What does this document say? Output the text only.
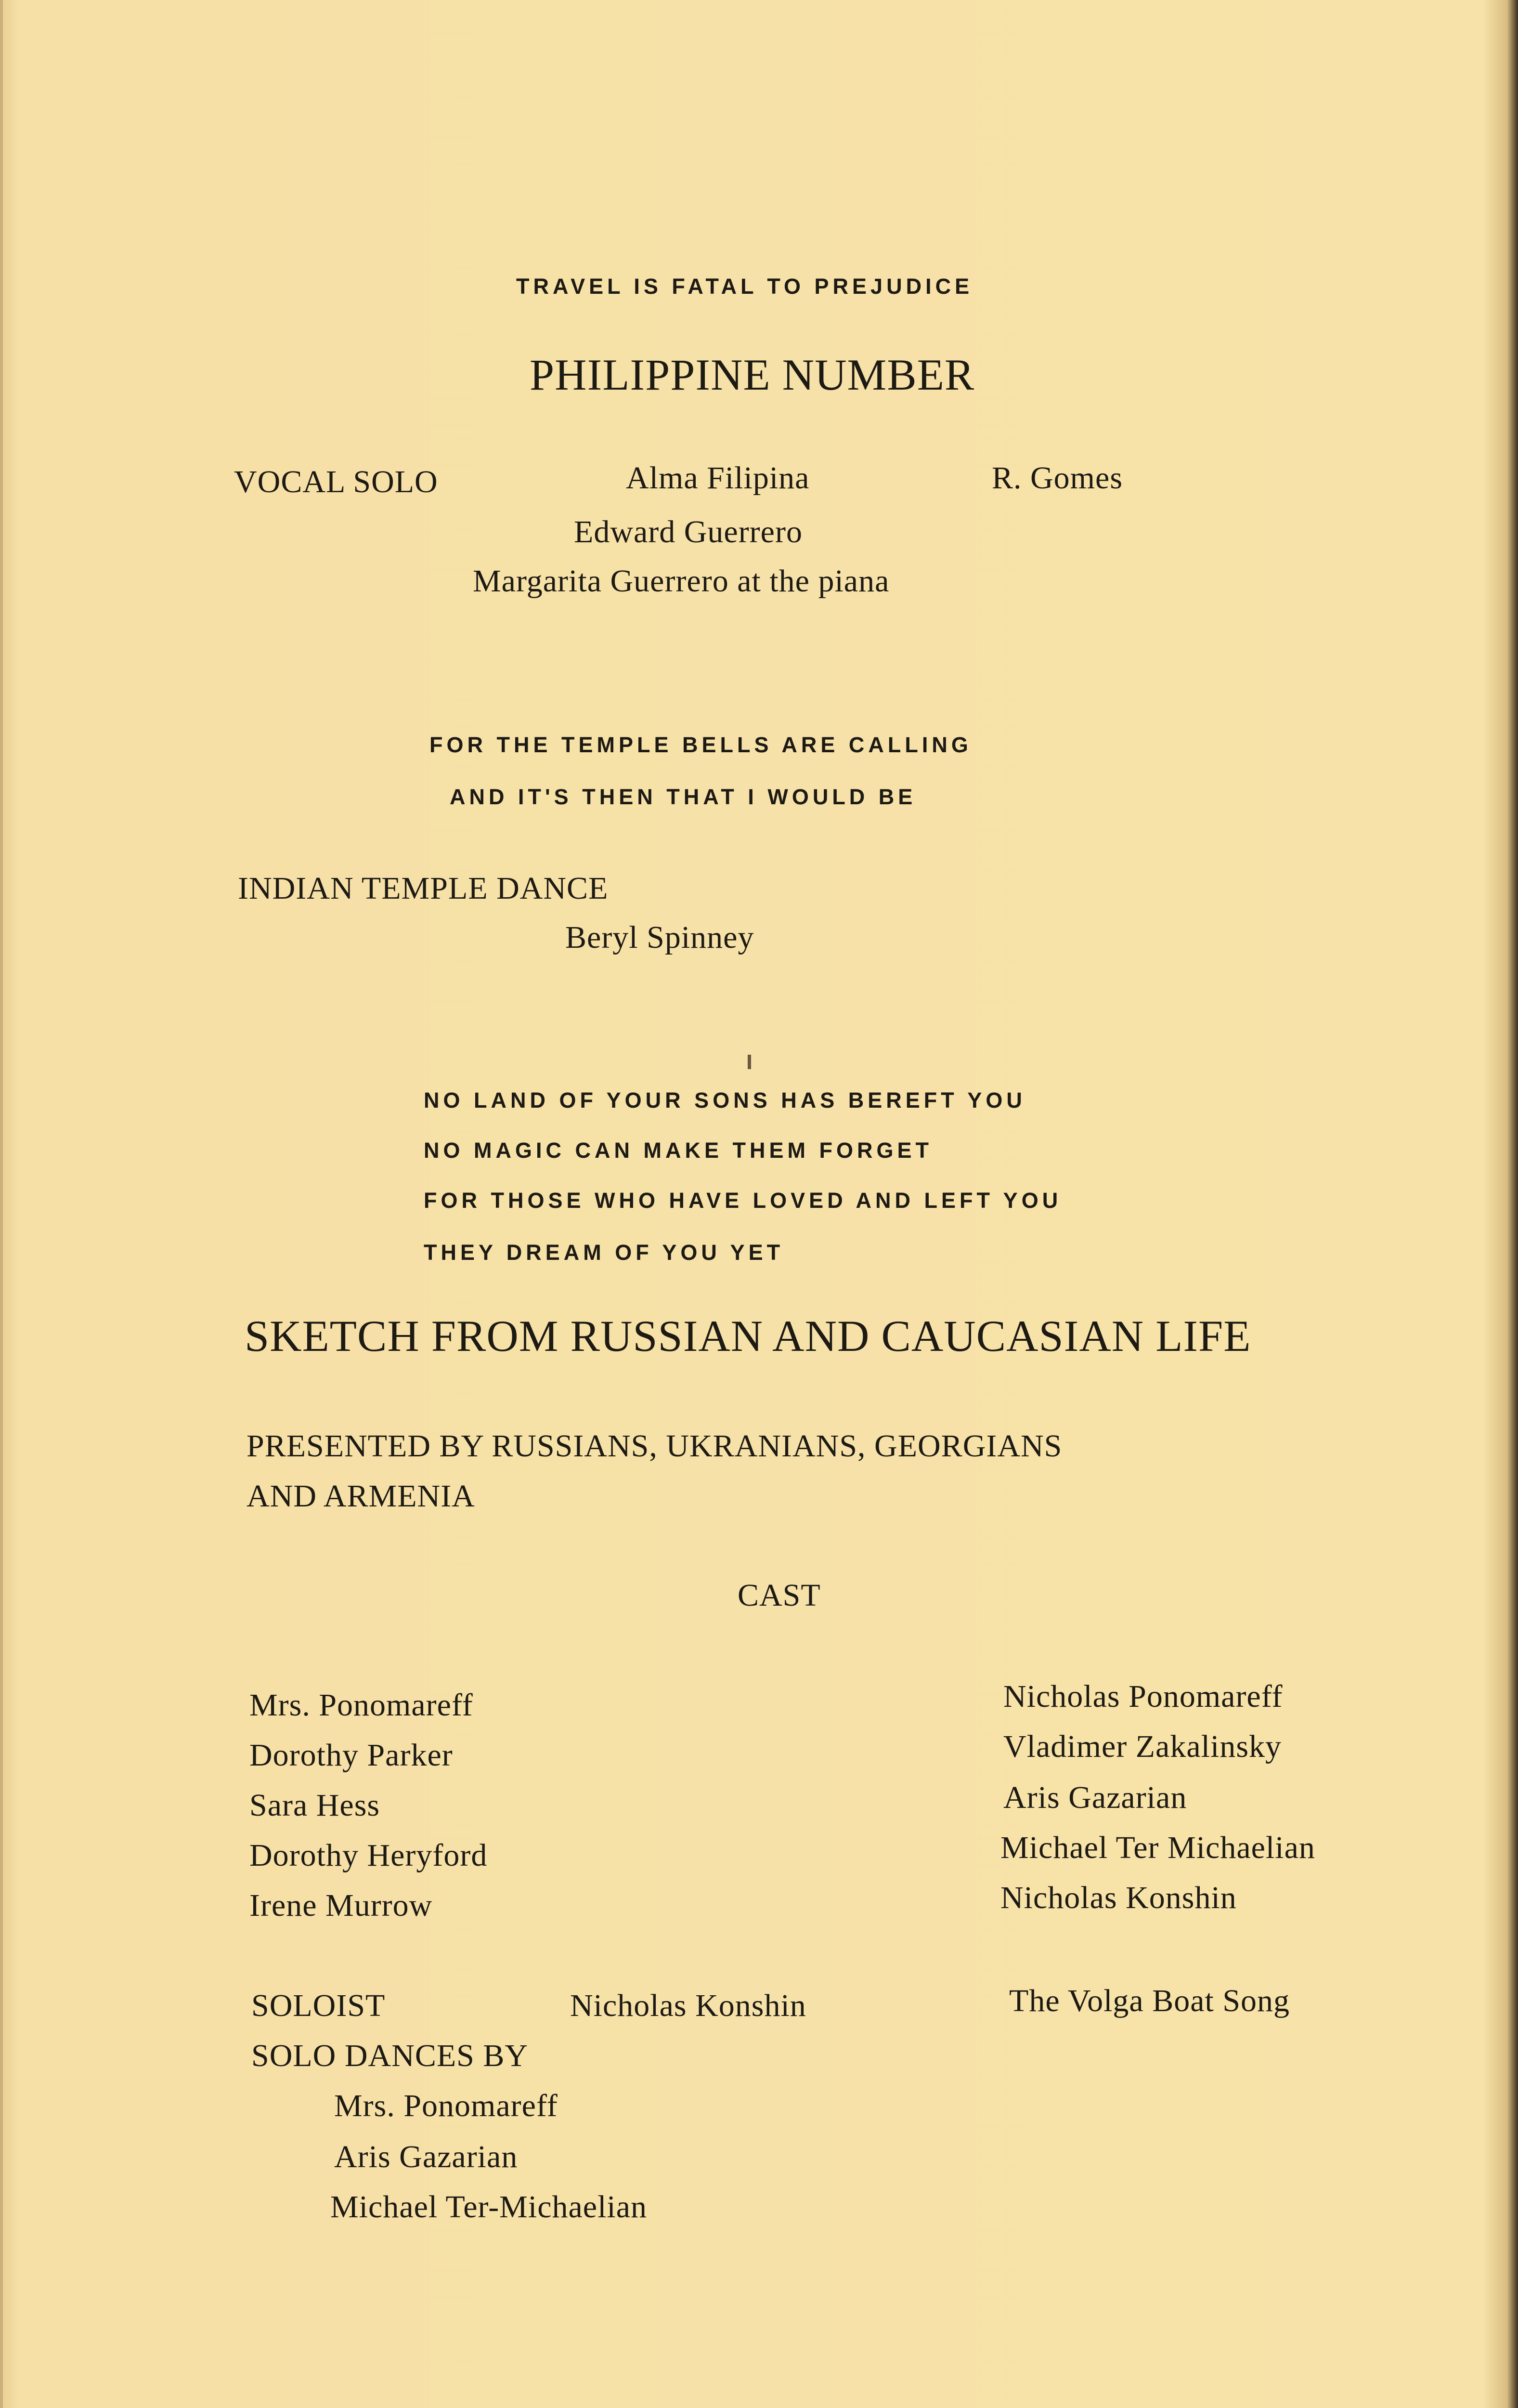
TRAVEL IS FATAL TO PREJUDICE
PHILIPPINE NUMBER
VOCAL SOLO	Alma Filipina	R. Gomes
Edward Guerrero
Margarita Guerrero at the piana
FOR THE TEMPLE BELLS ARE CALLING
AND IT'S THEN THAT I WOULD BE
INDIAN TEMPLE DANCE
Beryl Spinney
NO LAND OF YOUR SONS HAS BEREFT YOU
NO MAGIC CAN MAKE THEM FORGET
FOR THOSE WHO HAVE LOVED AND LEFT YOU
THEY DREAM OF YOU YET
SKETCH FROM RUSSIAN AND CAUCASIAN LIFE
PRESENTED BY RUSSIANS, UKRANIANS, GEORGIANS
AND ARMENIA
CAST
Mrs. Ponomareff
Dorothy Parker
Sara Hess
Dorothy Heryford
Irene Murrow
Nicholas Ponomareff
Vladimer Zakalinsky
Aris Gazarian
Michael Ter Michaelian
Nicholas Konshin
SOLOIST	Nicholas Konshin	The Volga Boat Song
SOLO DANCES BY
Mrs. Ponomareff
Aris Gazarian
Michael Ter-Michaelian
